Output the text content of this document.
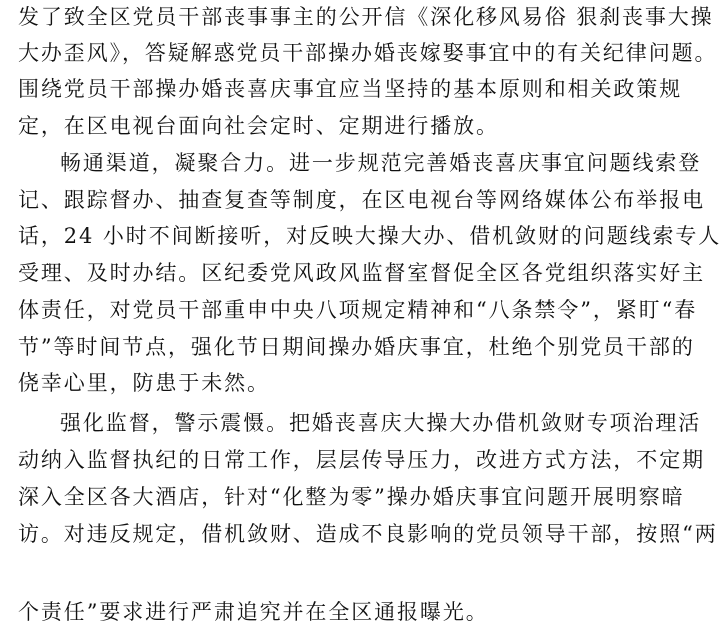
发了致全区党员干部丧事事主的公开信《深化移风易俗 狠刹丧事大操

大办歪风》，答疑解惑党员干部操办婚丧嫁娶事宜中的有关纪律问题。

围绕党员干部操办婚丧喜庆事宜应当坚持的基本原则和相关政策规

定，在区电视台面向社会定时、定期进行播放。

畅通渠道，凝聚合力。进一步规范完善婚丧喜庆事宜问题线索登

记、跟踪督办、抽查复查等制度，在区电视台等网络媒体公布举报电

话，24 小时不间断接听，对反映大操大办、借机敛财的问题线索专人

受理、及时办结。区纪委党风政风监督室督促全区各党组织落实好主

体责任，对党员干部重申中央八项规定精神和“八条禁令”，紧盯“春

节”等时间节点，强化节日期间操办婚庆事宜，杜绝个别党员干部的

侥幸心里，防患于未然。

强化监督，警示震慑。把婚丧喜庆大操大办借机敛财专项治理活

动纳入监督执纪的日常工作，层层传导压力，改进方式方法，不定期

深入全区各大酒店，针对“化整为零”操办婚庆事宜问题开展明察暗

访。对违反规定，借机敛财、造成不良影响的党员领导干部，按照“两

个责任”要求进行严肃追究并在全区通报曝光。
